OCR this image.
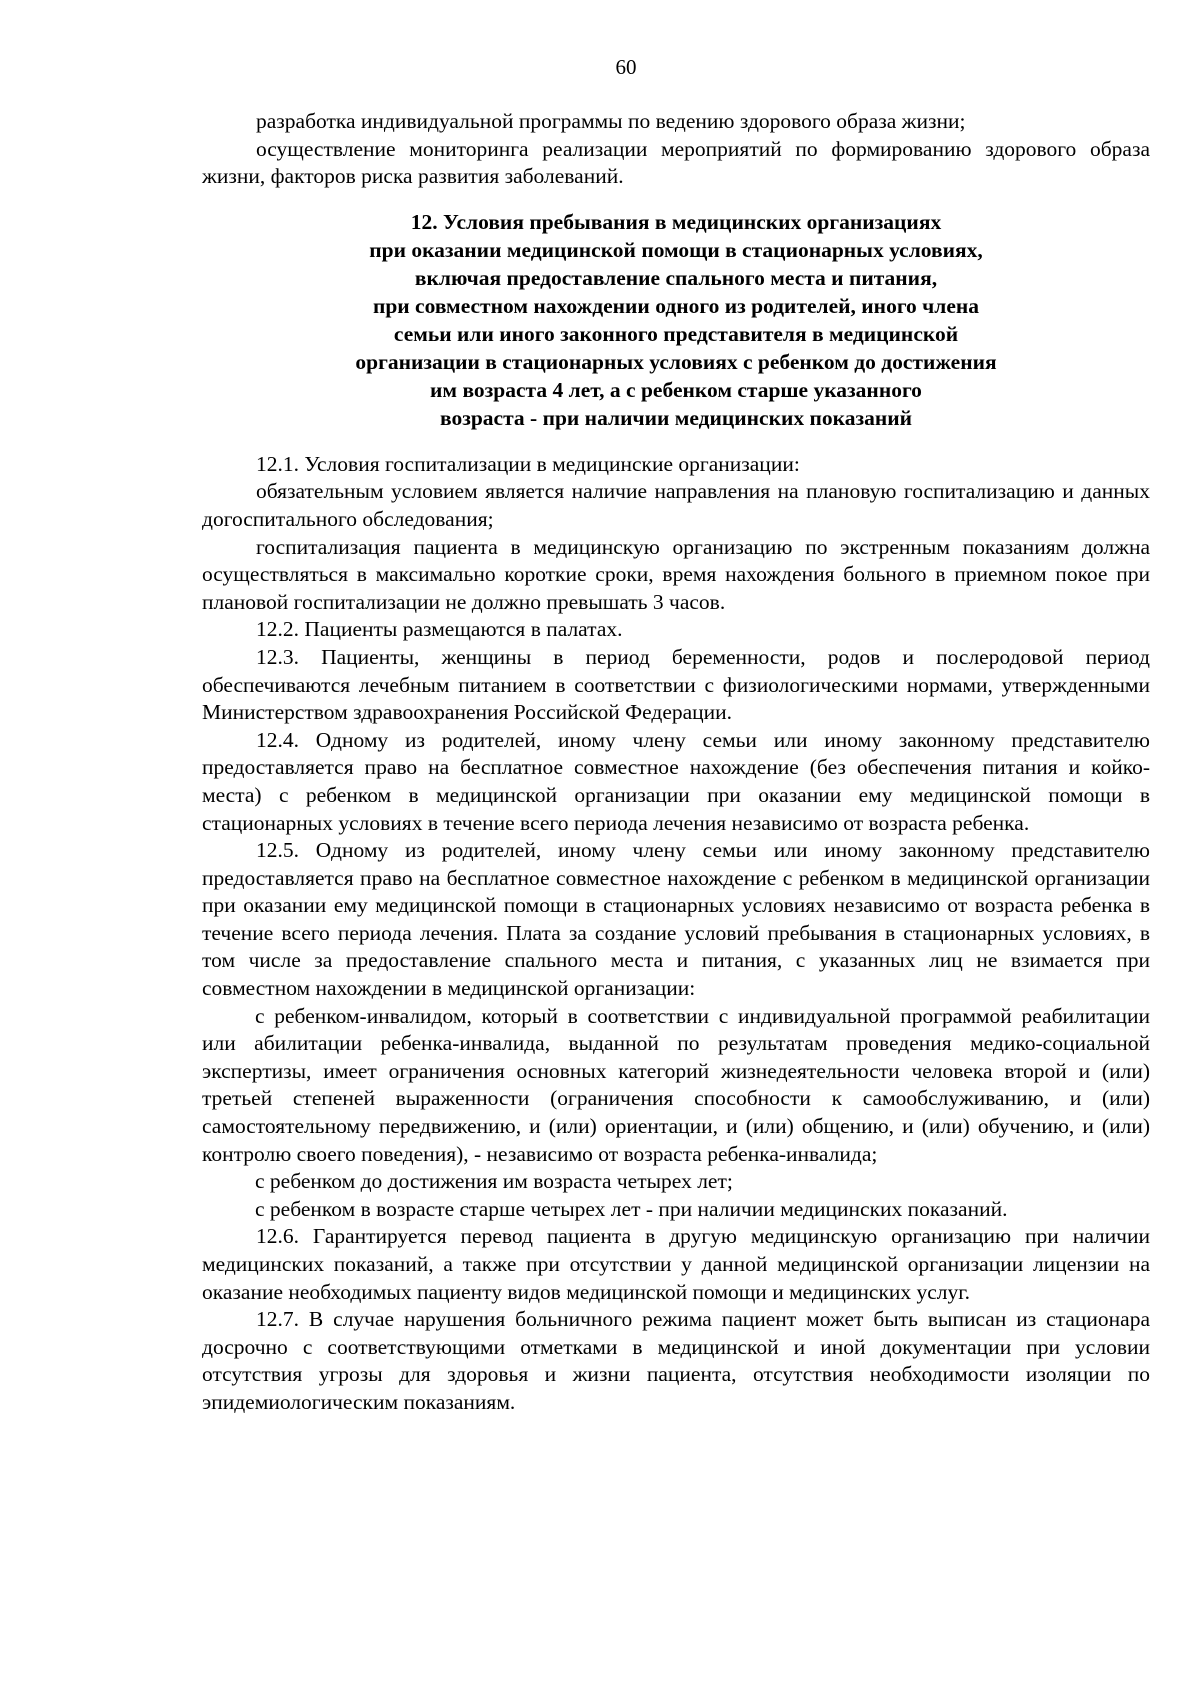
60

разработка индивидуальной программы по ведению здорового образа жизни;

осуществление мониторинга реализации мероприятий по формированию здорового образа жизни, факторов риска развития заболеваний.

12. Условия пребывания в медицинских организациях
при оказании медицинской помощи в стационарных условиях,
включая предоставление спального места и питания,
при совместном нахождении одного из родителей, иного члена
семьи или иного законного представителя в медицинской
организации в стационарных условиях с ребенком до достижения
им возраста 4 лет, а с ребенком старше указанного
возраста - при наличии медицинских показаний

12.1. Условия госпитализации в медицинские организации:

обязательным условием является наличие направления на плановую госпитализацию и данных догоспитального обследования;

госпитализация пациента в медицинскую организацию по экстренным показаниям должна осуществляться в максимально короткие сроки, время нахождения больного в приемном покое при плановой госпитализации не должно превышать 3 часов.

12.2. Пациенты размещаются в палатах.

12.3. Пациенты, женщины в период беременности, родов и послеродовой период обеспечиваются лечебным питанием в соответствии с физиологическими нормами, утвержденными Министерством здравоохранения Российской Федерации.

12.4. Одному из родителей, иному члену семьи или иному законному представителю предоставляется право на бесплатное совместное нахождение (без обеспечения питания и койко-места) с ребенком в медицинской организации при оказании ему медицинской помощи в стационарных условиях в течение всего периода лечения независимо от возраста ребенка.

12.5. Одному из родителей, иному члену семьи или иному законному представителю предоставляется право на бесплатное совместное нахождение с ребенком в медицинской организации при оказании ему медицинской помощи в стационарных условиях независимо от возраста ребенка в течение всего периода лечения. Плата за создание условий пребывания в стационарных условиях, в том числе за предоставление спального места и питания, с указанных лиц не взимается при совместном нахождении в медицинской организации:

с ребенком-инвалидом, который в соответствии с индивидуальной программой реабилитации или абилитации ребенка-инвалида, выданной по результатам проведения медико-социальной экспертизы, имеет ограничения основных категорий жизнедеятельности человека второй и (или) третьей степеней выраженности (ограничения способности к самообслуживанию, и (или) самостоятельному передвижению, и (или) ориентации, и (или) общению, и (или) обучению, и (или) контролю своего поведения), - независимо от возраста ребенка-инвалида;

с ребенком до достижения им возраста четырех лет;

с ребенком в возрасте старше четырех лет - при наличии медицинских показаний.

12.6. Гарантируется перевод пациента в другую медицинскую организацию при наличии медицинских показаний, а также при отсутствии у данной медицинской организации лицензии на оказание необходимых пациенту видов медицинской помощи и медицинских услуг.

12.7. В случае нарушения больничного режима пациент может быть выписан из стационара досрочно с соответствующими отметками в медицинской и иной документации при условии отсутствия угрозы для здоровья и жизни пациента, отсутствия необходимости изоляции по эпидемиологическим показаниям.
